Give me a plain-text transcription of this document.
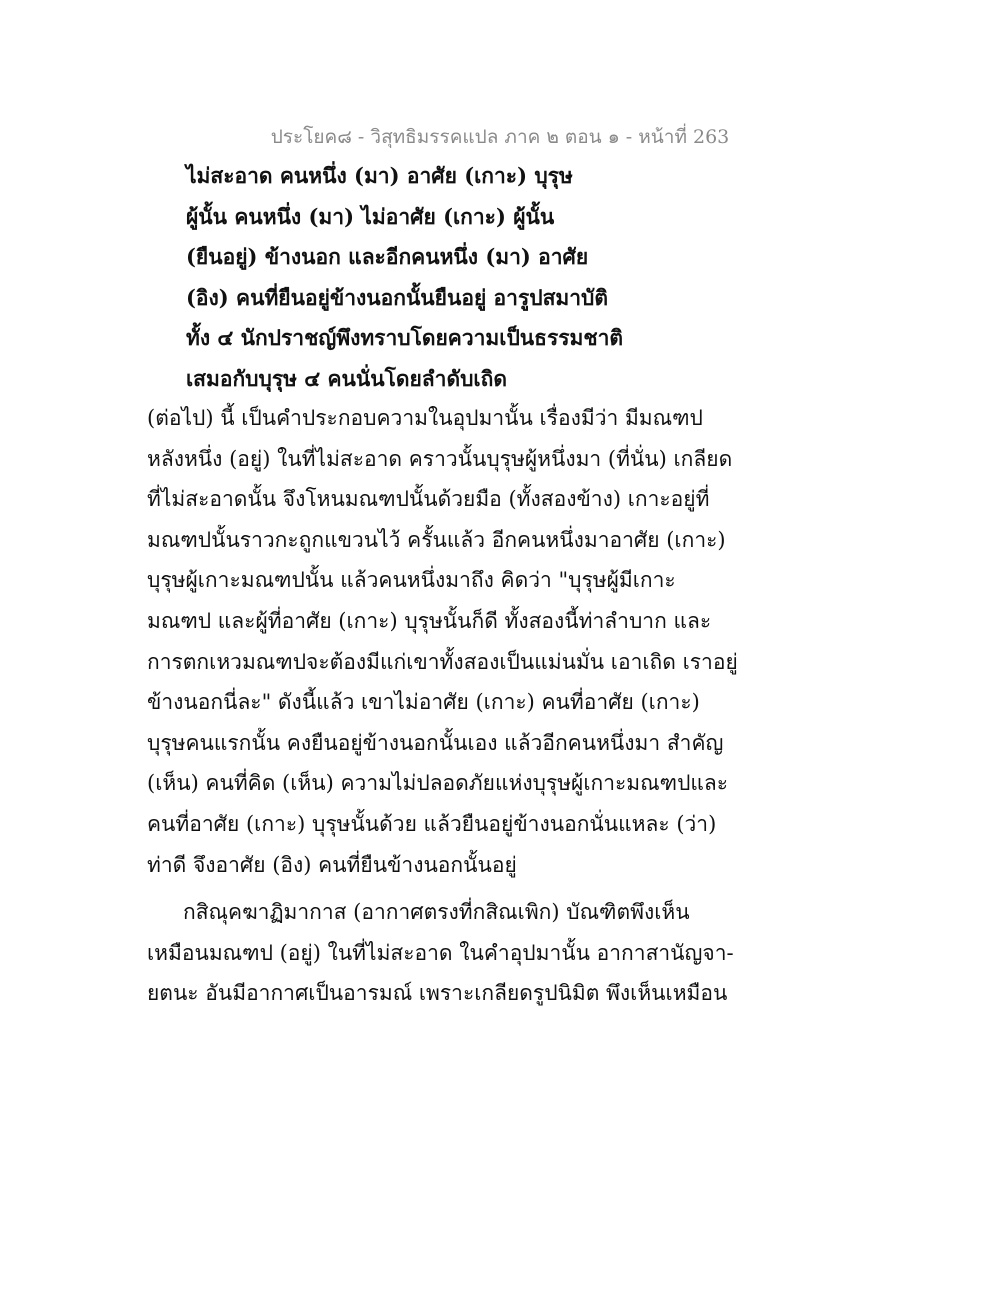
ประโยค๘ - วิสุทธิมรรคแปล ภาค ๒ ตอน ๑ - หน้าที่ 263
ไม่สะอาด คนหนึ่ง (มา) อาศัย (เกาะ) บุรุษ
ผู้นั้น คนหนึ่ง (มา) ไม่อาศัย (เกาะ) ผู้นั้น
(ยืนอยู่) ข้างนอก และอีกคนหนึ่ง (มา) อาศัย
(อิง) คนที่ยืนอยู่ข้างนอกนั้นยืนอยู่ อารูปสมาบัติ
ทั้ง ๔ นักปราชญ์พึงทราบโดยความเป็นธรรมชาติ
เสมอกับบุรุษ ๔ คนนั่นโดยลำดับเถิด
(ต่อไป) นี้ เป็นคำประกอบความในอุปมานั้น เรื่องมีว่า มีมณฑป
หลังหนึ่ง (อยู่) ในที่ไม่สะอาด คราวนั้นบุรุษผู้หนึ่งมา (ที่นั่น) เกลียด
ที่ไม่สะอาดนั้น จึงโหนมณฑปนั้นด้วยมือ (ทั้งสองข้าง) เกาะอยู่ที่
มณฑปนั้นราวกะถูกแขวนไว้ ครั้นแล้ว อีกคนหนึ่งมาอาศัย (เกาะ)
บุรุษผู้เกาะมณฑปนั้น แล้วคนหนึ่งมาถึง คิดว่า "บุรุษผู้มีเกาะ
มณฑป และผู้ที่อาศัย (เกาะ) บุรุษนั้นก็ดี ทั้งสองนี้ท่าลำบาก และ
การตกเหวมณฑปจะต้องมีแก่เขาทั้งสองเป็นแม่นมั่น เอาเถิด เราอยู่
ข้างนอกนี่ละ" ดังนี้แล้ว เขาไม่อาศัย (เกาะ) คนที่อาศัย (เกาะ)
บุรุษคนแรกนั้น คงยืนอยู่ข้างนอกนั้นเอง แล้วอีกคนหนึ่งมา สำคัญ
(เห็น) คนที่คิด (เห็น) ความไม่ปลอดภัยแห่งบุรุษผู้เกาะมณฑปและ
คนที่อาศัย (เกาะ) บุรุษนั้นด้วย แล้วยืนอยู่ข้างนอกนั่นแหละ (ว่า)
ท่าดี จึงอาศัย (อิง) คนที่ยืนข้างนอกนั้นอยู่
กสิณุคฆาฏิมากาส (อากาศตรงที่กสิณเพิก) บัณฑิตพึงเห็น
เหมือนมณฑป (อยู่) ในที่ไม่สะอาด ในคำอุปมานั้น อากาสานัญจา-
ยตนะ อันมีอากาศเป็นอารมณ์ เพราะเกลียดรูปนิมิต พึงเห็นเหมือน
